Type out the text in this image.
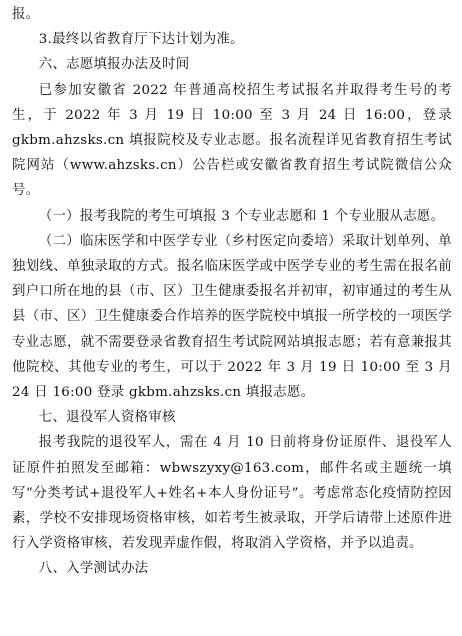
报。

3.最终以省教育厅下达计划为准。

六、志愿填报办法及时间

已参加安徽省 2022 年普通高校招生考试报名并取得考生号的考生，于 2022 年 3 月 19 日 10:00 至 3 月 24 日 16:00，登录 gkbm.ahzsks.cn 填报院校及专业志愿。报名流程详见省教育招生考试院网站（www.ahzsks.cn）公告栏或安徽省教育招生考试院微信公众号。

（一）报考我院的考生可填报 3 个专业志愿和 1 个专业服从志愿。

（二）临床医学和中医学专业（乡村医定向委培）采取计划单列、单独划线、单独录取的方式。报名临床医学或中医学专业的考生需在报名前到户口所在地的县（市、区）卫生健康委报名并初审，初审通过的考生从县（市、区）卫生健康委合作培养的医学院校中填报一所学校的一项医学专业志愿，就不需要登录省教育招生考试院网站填报志愿；若有意兼报其他院校、其他专业的考生，可以于 2022 年 3 月 19 日 10:00 至 3 月 24 日 16:00 登录 gkbm.ahzsks.cn 填报志愿。

七、退役军人资格审核

报考我院的退役军人，需在 4 月 10 日前将身份证原件、退役军人证原件拍照发至邮箱：wbwszyxy@163.com，邮件名或主题统一填写“分类考试+退役军人+姓名+本人身份证号”。考虑常态化疫情防控因素，学校不安排现场资格审核，如若考生被录取，开学后请带上述原件进行入学资格审核，若发现弄虚作假，将取消入学资格，并予以追责。

八、入学测试办法
